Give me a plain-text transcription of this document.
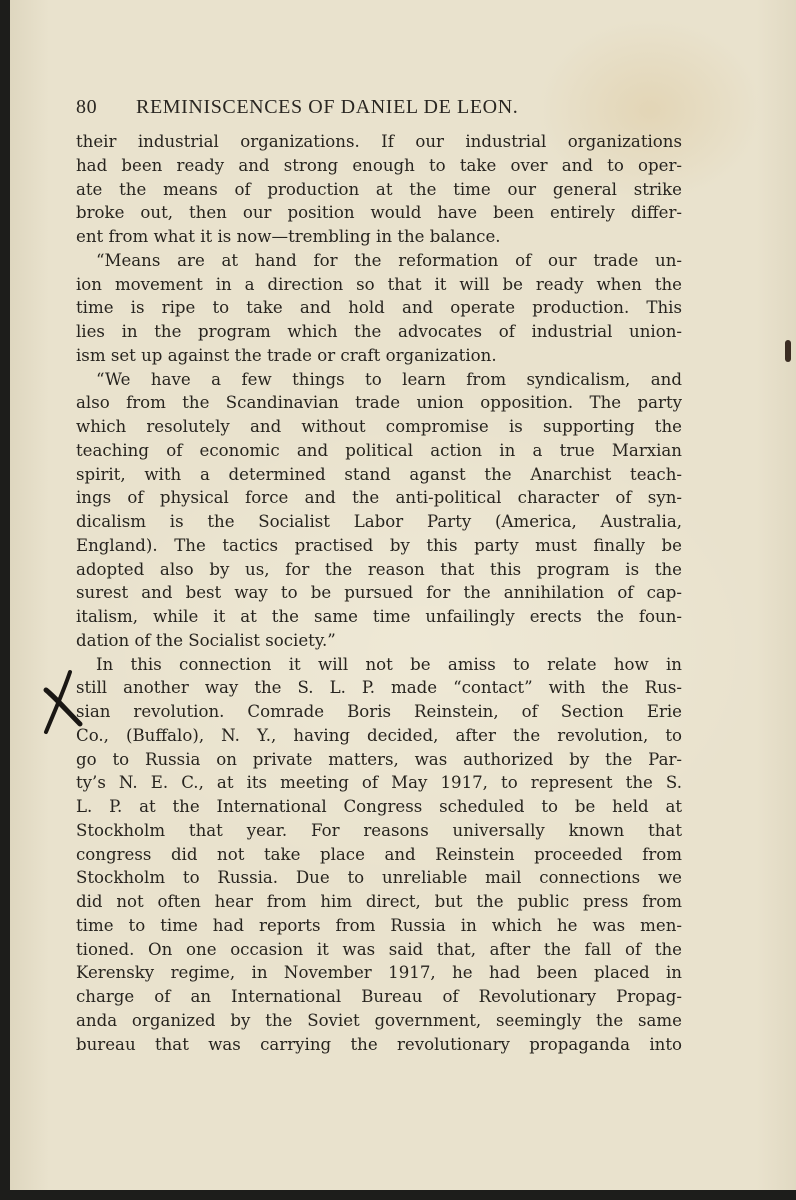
80 REMINISCENCES OF DANIEL DE LEON.

their industrial organizations. If our industrial organizations
had been ready and strong enough to take over and to oper-
ate the means of production at the time our general strike
broke out, then our position would have been entirely differ-
ent from what it is now—trembling in the balance.

“Means are at hand for the reformation of our trade un-
ion movement in a direction so that it will be ready when the
time is ripe to take and hold and operate production. This
lies in the program which the advocates of industrial union-
ism set up against the trade or craft organization.

“We have a few things to learn from syndicalism, and
also from the Scandinavian trade union opposition. The party
which resolutely and without compromise is supporting the
teaching of economic and political action in a true Marxian
spirit, with a determined stand aganst the Anarchist teach-
ings of physical force and the anti-political character of syn-
dicalism is the Socialist Labor Party (America, Australia,
England). The tactics practised by this party must finally be
adopted also by us, for the reason that this program is the
surest and best way to be pursued for the annihilation of cap-
italism, while it at the same time unfailingly erects the foun-
dation of the Socialist society.”

In this connection it will not be amiss to relate how in
still another way the S. L. P. made “contact” with the Rus-
sian revolution. Comrade Boris Reinstein, of Section Erie
Co., (Buffalo), N. Y., having decided, after the revolution, to
go to Russia on private matters, was authorized by the Par-
ty’s N. E. C., at its meeting of May 1917, to represent the S.
L. P. at the International Congress scheduled to be held at
Stockholm that year. For reasons universally known that
congress did not take place and Reinstein proceeded from
Stockholm to Russia. Due to unreliable mail connections we
did not often hear from him direct, but the public press from
time to time had reports from Russia in which he was men-
tioned. On one occasion it was said that, after the fall of the
Kerensky regime, in November 1917, he had been placed in
charge of an International Bureau of Revolutionary Propag-
anda organized by the Soviet government, seemingly the same
bureau that was carrying the revolutionary propaganda into
